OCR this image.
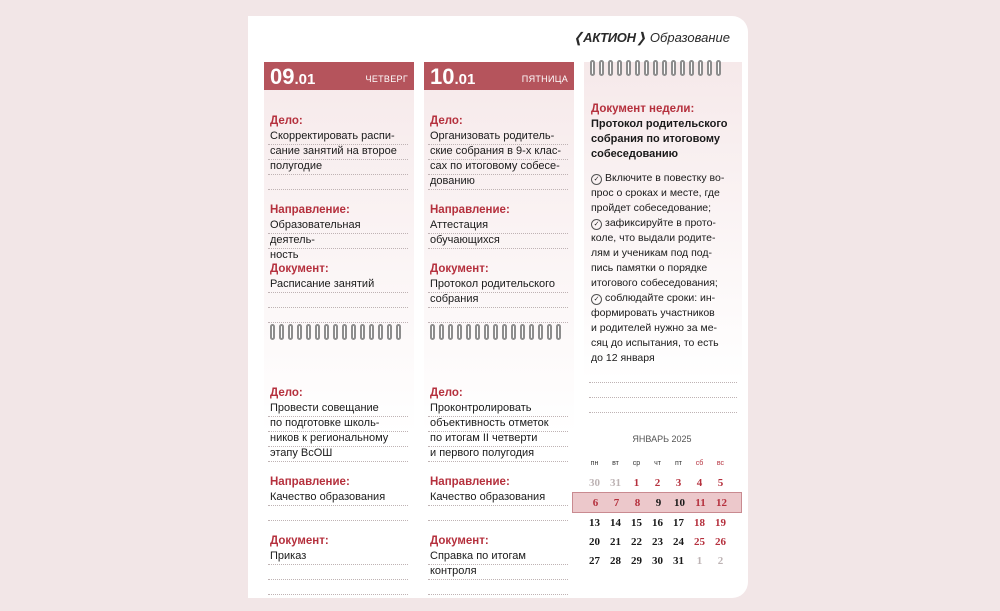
❬АКТИОН❭ Образование
09.01	ЧЕТВЕРГ 10.01	ПЯТНИЦА
Документ недели:
Протокол родительского
собрания по итоговому
собеседованию
✓ Включите в повестку во-
прос о сроках и месте, где
пройдет собеседование;
✓ зафиксируйте в прото-
коле, что выдали родите-
лям и ученикам под под-
пись памятки о порядке
итогового собеседования;
✓ соблюдайте сроки: ин-
формировать участников
и родителей нужно за ме-
сяц до испытания, то есть
до 12 января
ЯНВАРЬ 2025
пн	вт	ср	чт	пт	сб	вс
30 31	1	2	3	4	5
6	7	8	9	10 11 12
13 14 15 16 17 18 19
20 21 22 23 24 25 26
27 28 29 30 31	1	2
Дело:
Скорректировать распи-
сание занятий на второе
полугодие
Направление:
Образовательная деятель-
ность
Документ:
Расписание занятий
Дело:
Провести совещание
по подготовке школь-
ников к региональному
этапу ВсОШ
Направление:
Качество образования
Документ:
Приказ
Дело:
Организовать родитель-
ские собрания в 9-х клас-
сах по итоговому собесе-
дованию
Направление:
Аттестация
обучающихся
Документ:
Протокол родительского
собрания
Дело:
Проконтролировать
объективность отметок
по итогам II четверти
и первого полугодия
Направление:
Качество образования
Документ:
Справка по итогам
контроля
